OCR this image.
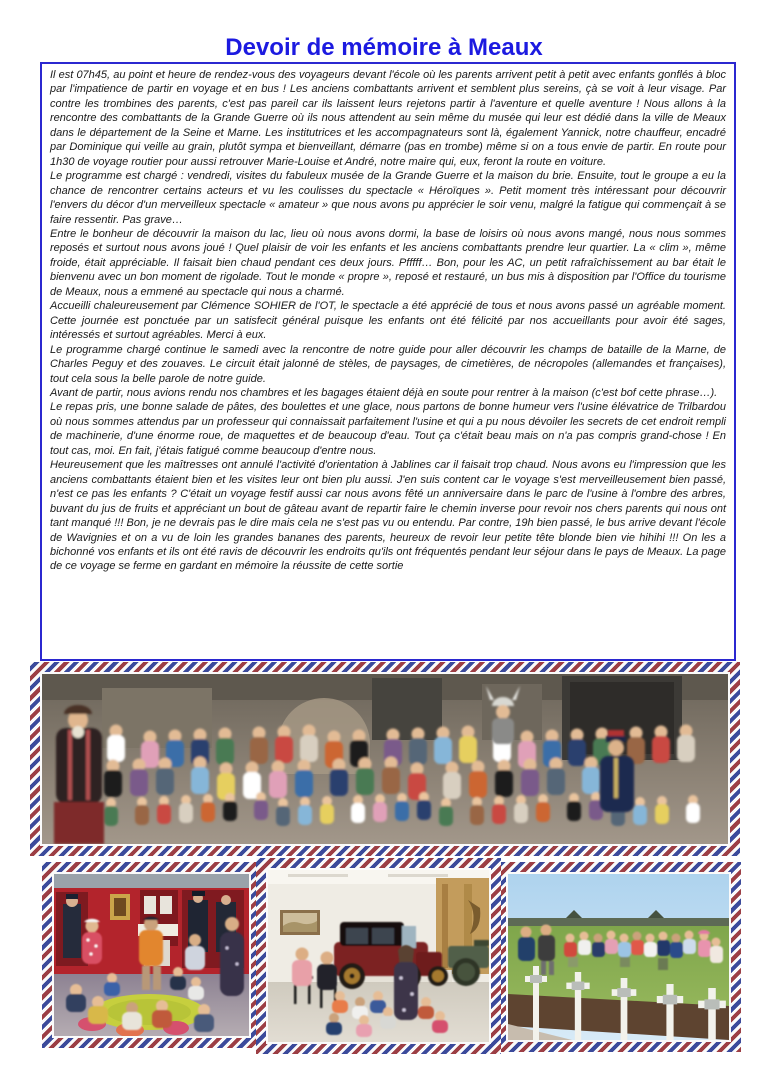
Devoir de mémoire à Meaux

Il est 07h45, au point et heure de rendez-vous des voyageurs devant l'école où les parents arrivent petit à petit avec enfants gonflés à bloc par l'impatience de partir en voyage et en bus ! Les anciens combattants arrivent et semblent plus sereins, çà se voit à leur visage. Par contre les trombines des parents, c'est pas pareil car ils laissent leurs rejetons partir à l'aventure et quelle aventure ! Nous allons à la rencontre des combattants de la Grande Guerre où ils nous attendent au sein même du musée qui leur est dédié dans la ville de Meaux dans le département de la Seine et Marne. Les institutrices et les accompagnateurs sont là, également Yannick, notre chauffeur, encadré par Dominique qui veille au grain, plutôt sympa et bienveillant, démarre (pas en trombe) même si on a tous envie de partir. En route pour 1h30 de voyage routier pour aussi retrouver Marie-Louise et André, notre maire qui, eux, feront la route en voiture.

Le programme est chargé : vendredi, visites du fabuleux musée de la Grande Guerre et la maison du brie. Ensuite, tout le groupe a eu la chance de rencontrer certains acteurs et vu les coulisses du spectacle « Héroïques ». Petit moment très intéressant pour découvrir l'envers du décor d'un merveilleux spectacle « amateur » que nous avons pu apprécier le soir venu, malgré la fatigue qui commençait à se faire ressentir. Pas grave…

Entre le bonheur de découvrir la maison du lac, lieu où nous avons dormi, la base de loisirs où nous avons mangé, nous nous sommes reposés et surtout nous avons joué ! Quel plaisir de voir les enfants et les anciens combattants prendre leur quartier. La « clim », même froide, était appréciable. Il faisait bien chaud pendant ces deux jours. Pfffff… Bon, pour les AC, un petit rafraîchissement au bar était le bienvenu avec un bon moment de rigolade. Tout le monde « propre », reposé et restauré, un bus mis à disposition par l'Office du tourisme de Meaux, nous a emmené au spectacle qui nous a charmé.

Accueilli chaleureusement par Clémence SOHIER de l'OT, le spectacle a été apprécié de tous et nous avons passé un agréable moment. Cette journée est ponctuée par un satisfecit général puisque les enfants ont été félicité par nos accueillants pour avoir été sages, intéressés et surtout agréables. Merci à eux.

Le programme chargé continue le samedi avec la rencontre de notre guide pour aller découvrir les champs de bataille de la Marne, de Charles Peguy et des zouaves. Le circuit était jalonné de stèles, de paysages, de cimetières, de nécropoles (allemandes et françaises), tout cela sous la belle parole de notre guide.

Avant de partir, nous avions rendu nos chambres et les bagages étaient déjà en soute pour rentrer à la maison (c'est bof cette phrase…).

Le repas pris, une bonne salade de pâtes, des boulettes et une glace, nous partons de bonne humeur vers l'usine élévatrice de Trilbardou où nous sommes attendus par un professeur qui connaissait parfaitement l'usine et qui a pu nous dévoiler les secrets de cet endroit rempli de machinerie, d'une énorme roue, de maquettes et de beaucoup d'eau. Tout ça c'était beau mais on n'a pas compris grand-chose ! En tout cas, moi. En fait, j'étais fatigué comme beaucoup d'entre nous.

Heureusement que les maîtresses ont annulé l'activité d'orientation à Jablines car il faisait trop chaud. Nous avons eu l'impression que les anciens combattants étaient bien et les visites leur ont bien plu aussi. J'en suis content car le voyage s'est merveilleusement bien passé, n'est ce pas les enfants ? C'était un voyage festif aussi car nous avons fêté un anniversaire dans le parc de l'usine à l'ombre des arbres, buvant du jus de fruits et appréciant un bout de gâteau avant de repartir faire le chemin inverse pour revoir nos chers parents qui nous ont tant manqué !!! Bon, je ne devrais pas le dire mais cela ne s'est pas vu ou entendu. Par contre, 19h bien passé, le bus arrive devant l'école de Wavignies et on a vu de loin les grandes bananes des parents, heureux de revoir leur petite tête blonde bien vie hihihi !!! On les a bichonné vos enfants et ils ont été ravis de découvrir les endroits qu'ils ont fréquentés pendant leur séjour dans le pays de Meaux. La page de ce voyage se ferme en gardant en mémoire la réussite de cette sortie
